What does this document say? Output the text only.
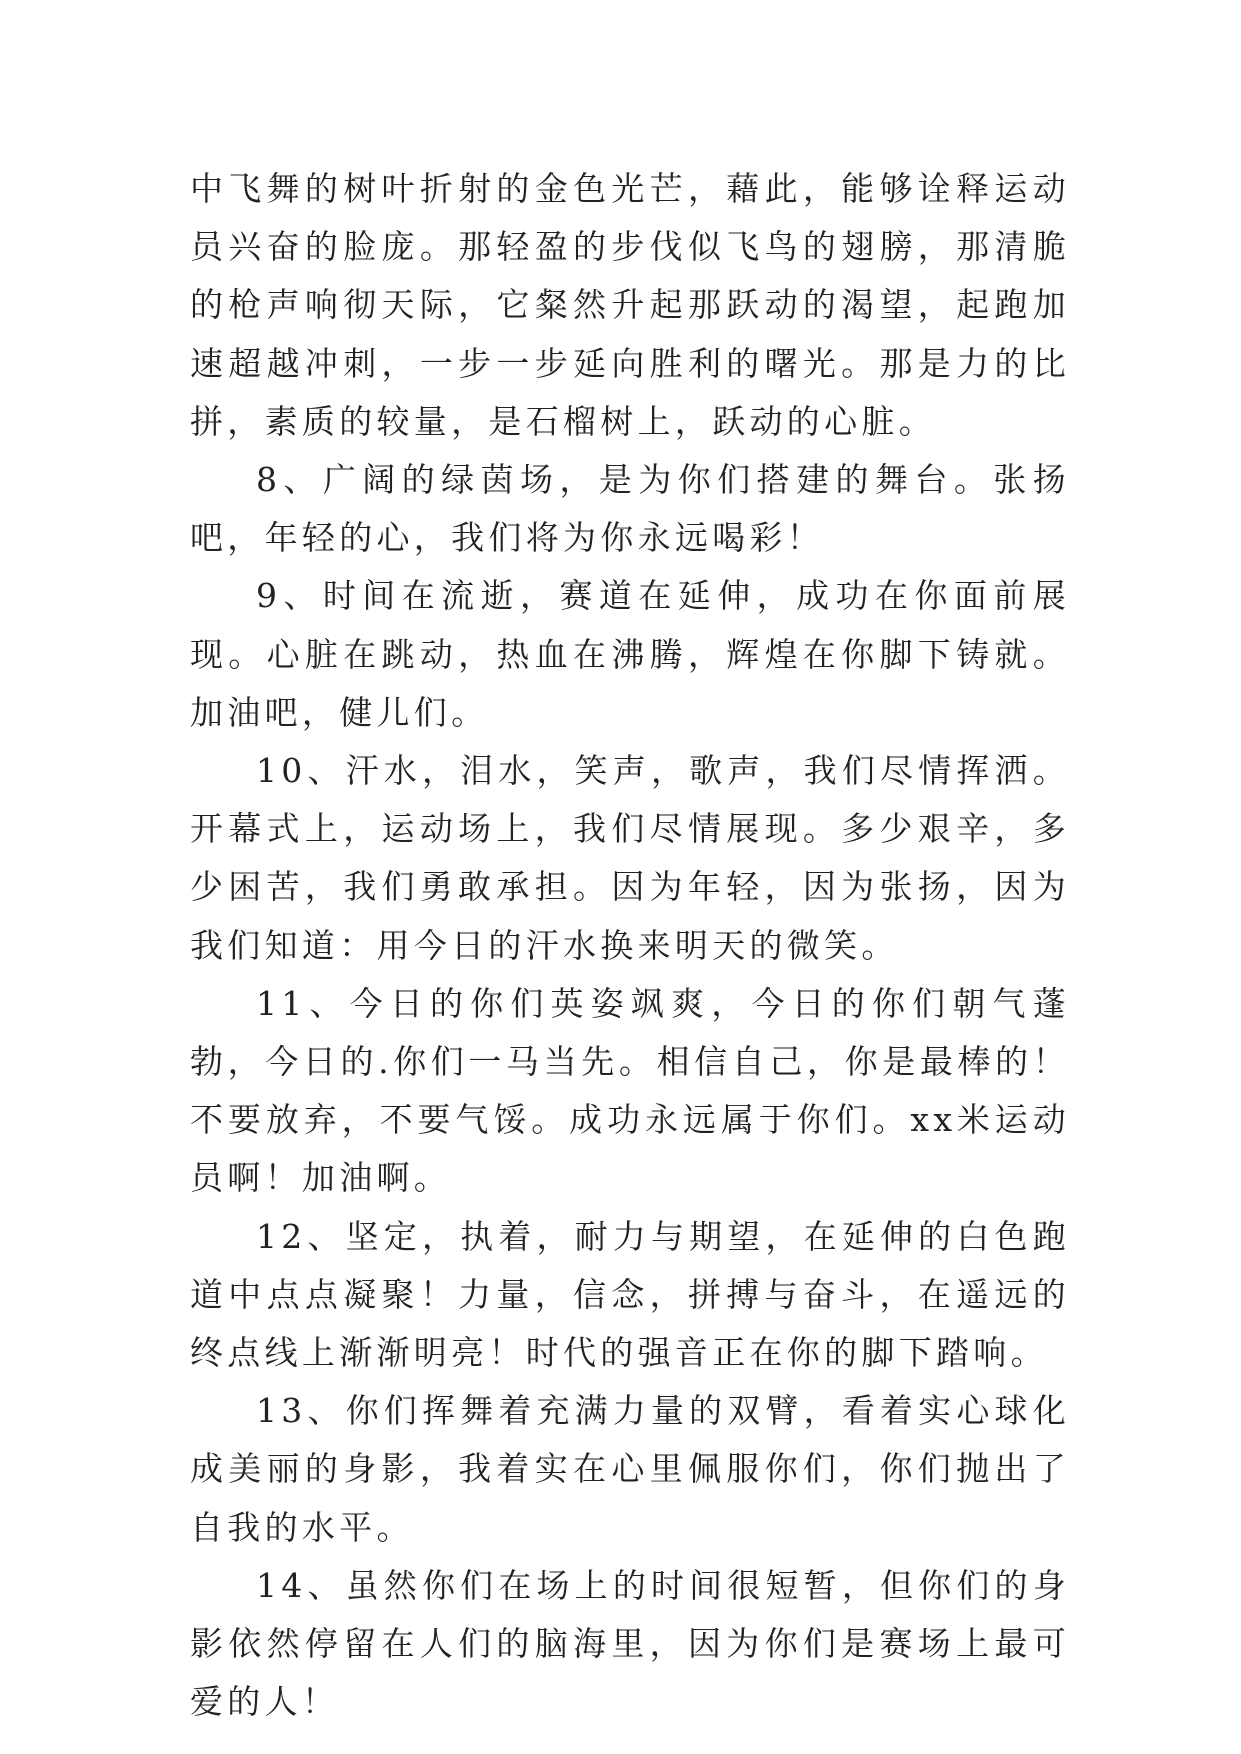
中飞舞的树叶折射的金色光芒，藉此，能够诠释运动员兴奋的脸庞。那轻盈的步伐似飞鸟的翅膀，那清脆的枪声响彻天际，它粲然升起那跃动的渴望，起跑加速超越冲刺，一步一步延向胜利的曙光。那是力的比拼，素质的较量，是石榴树上，跃动的心脏。

8、广阔的绿茵场，是为你们搭建的舞台。张扬吧，年轻的心，我们将为你永远喝彩！

9、时间在流逝，赛道在延伸，成功在你面前展现。心脏在跳动，热血在沸腾，辉煌在你脚下铸就。加油吧，健儿们。

10、汗水，泪水，笑声，歌声，我们尽情挥洒。开幕式上，运动场上，我们尽情展现。多少艰辛，多少困苦，我们勇敢承担。因为年轻，因为张扬，因为我们知道：用今日的汗水换来明天的微笑。

11、今日的你们英姿飒爽，今日的你们朝气蓬勃，今日的.你们一马当先。相信自己，你是最棒的！不要放弃，不要气馁。成功永远属于你们。xx米运动员啊！加油啊。

12、坚定，执着，耐力与期望，在延伸的白色跑道中点点凝聚！力量，信念，拼搏与奋斗，在遥远的终点线上渐渐明亮！时代的强音正在你的脚下踏响。

13、你们挥舞着充满力量的双臂，看着实心球化成美丽的身影，我着实在心里佩服你们，你们抛出了自我的水平。

14、虽然你们在场上的时间很短暂，但你们的身影依然停留在人们的脑海里，因为你们是赛场上最可爱的人！
